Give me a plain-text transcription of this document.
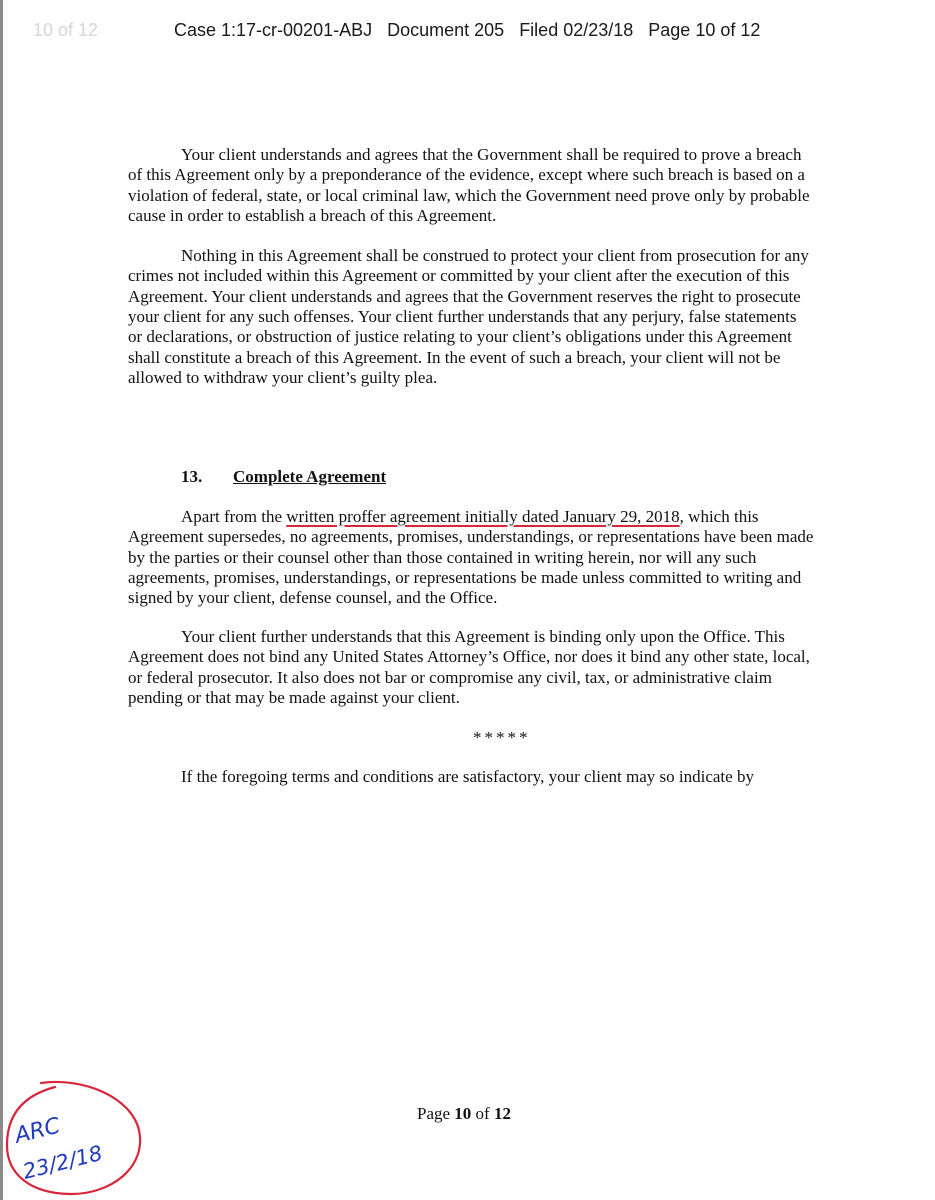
10 of 12	Case 1:17-cr-00201-ABJ Document 205 Filed 02/23/18 Page 10 of 12

Your client understands and agrees that the Government shall be required to prove a breach of this Agreement only by a preponderance of the evidence, except where such breach is based on a violation of federal, state, or local criminal law, which the Government need prove only by probable cause in order to establish a breach of this Agreement.

Nothing in this Agreement shall be construed to protect your client from prosecution for any crimes not included within this Agreement or committed by your client after the execution of this Agreement. Your client understands and agrees that the Government reserves the right to prosecute your client for any such offenses. Your client further understands that any perjury, false statements or declarations, or obstruction of justice relating to your client’s obligations under this Agreement shall constitute a breach of this Agreement. In the event of such a breach, your client will not be allowed to withdraw your client’s guilty plea.

13. Complete Agreement

Apart from the written proffer agreement initially dated January 29, 2018, which this Agreement supersedes, no agreements, promises, understandings, or representations have been made by the parties or their counsel other than those contained in writing herein, nor will any such agreements, promises, understandings, or representations be made unless committed to writing and signed by your client, defense counsel, and the Office.

Your client further understands that this Agreement is binding only upon the Office. This Agreement does not bind any United States Attorney’s Office, nor does it bind any other state, local, or federal prosecutor. It also does not bar or compromise any civil, tax, or administrative claim pending or that may be made against your client.

*****

If the foregoing terms and conditions are satisfactory, your client may so indicate by

Page 10 of 12
ARC
23/2/18
